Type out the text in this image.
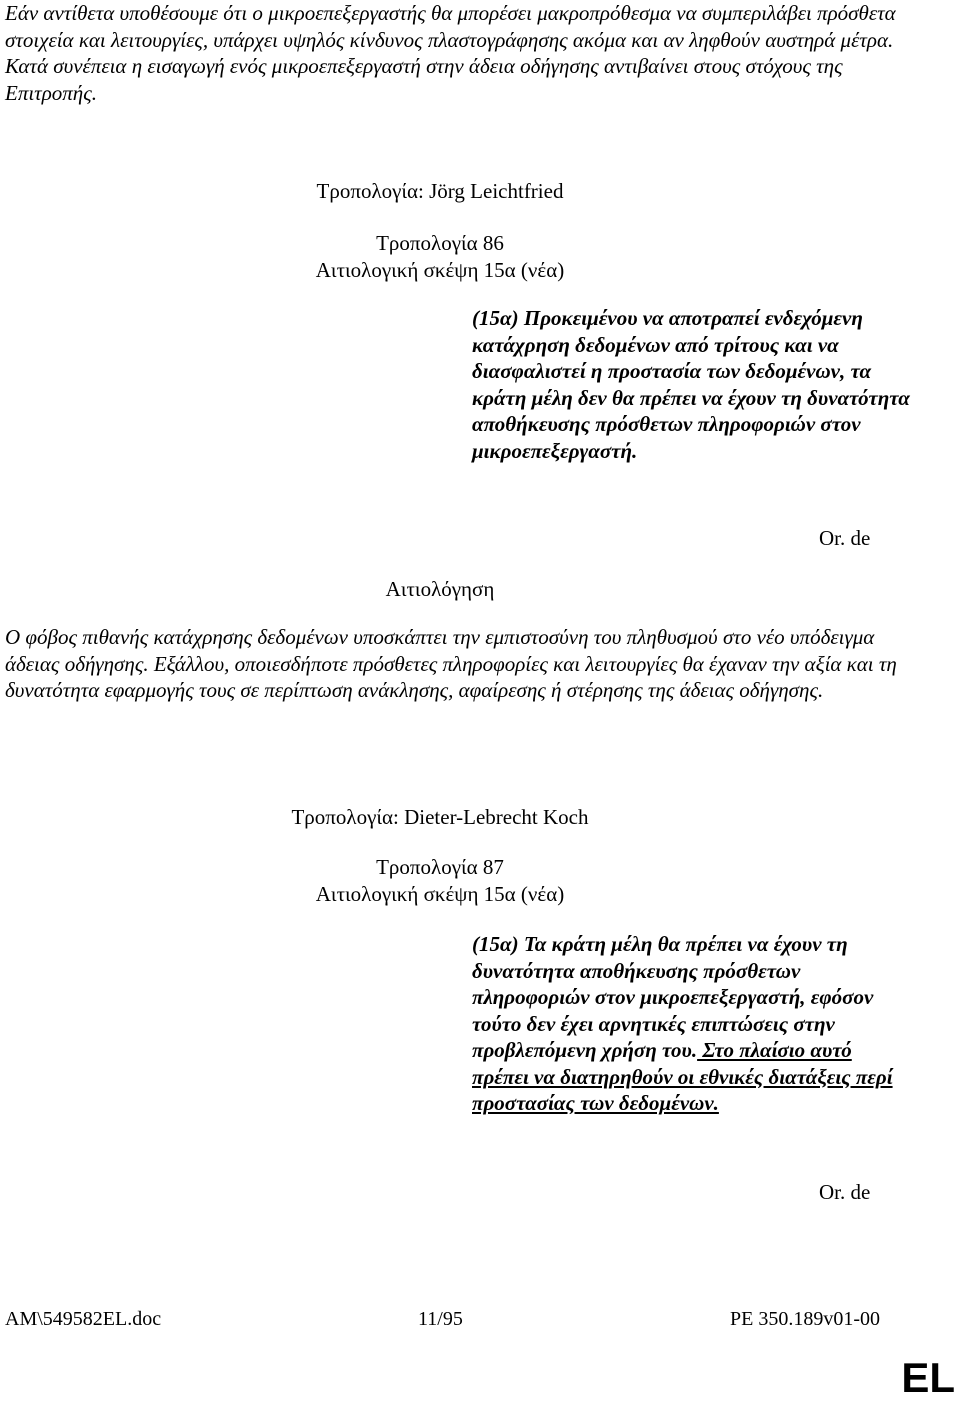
Εάν αντίθετα υποθέσουμε ότι ο μικροεπεξεργαστής θα μπορέσει μακροπρόθεσμα να συμπεριλάβει πρόσθετα στοιχεία και λειτουργίες, υπάρχει υψηλός κίνδυνος πλαστογράφησης ακόμα και αν ληφθούν αυστηρά μέτρα. Κατά συνέπεια η εισαγωγή ενός μικροεπεξεργαστή στην άδεια οδήγησης αντιβαίνει στους στόχους της Επιτροπής.
Τροπολογία: Jörg Leichtfried
Τροπολογία 86
Αιτιολογική σκέψη 15α (νέα)
(15α) Προκειμένου να αποτραπεί ενδεχόμενη κατάχρηση δεδομένων από τρίτους και να διασφαλιστεί η προστασία των δεδομένων, τα κράτη μέλη δεν θα πρέπει να έχουν τη δυνατότητα αποθήκευσης πρόσθετων πληροφοριών στον μικροεπεξεργαστή.
Or. de
Αιτιολόγηση
Ο φόβος πιθανής κατάχρησης δεδομένων υποσκάπτει την εμπιστοσύνη του πληθυσμού στο νέο υπόδειγμα άδειας οδήγησης. Εξάλλου, οποιεσδήποτε πρόσθετες πληροφορίες και λειτουργίες θα έχαναν την αξία και τη δυνατότητα εφαρμογής τους σε περίπτωση ανάκλησης, αφαίρεσης ή στέρησης της άδειας οδήγησης.
Τροπολογία: Dieter-Lebrecht Koch
Τροπολογία 87
Αιτιολογική σκέψη 15α (νέα)
(15α) Τα κράτη μέλη θα πρέπει να έχουν τη δυνατότητα αποθήκευσης πρόσθετων πληροφοριών στον μικροεπεξεργαστή, εφόσον τούτο δεν έχει αρνητικές επιπτώσεις στην προβλεπόμενη χρήση του. Στο πλαίσιο αυτό πρέπει να διατηρηθούν οι εθνικές διατάξεις περί προστασίας των δεδομένων.
Or. de
AM\549582EL.doc	11/95	PE 350.189v01-00
EL
